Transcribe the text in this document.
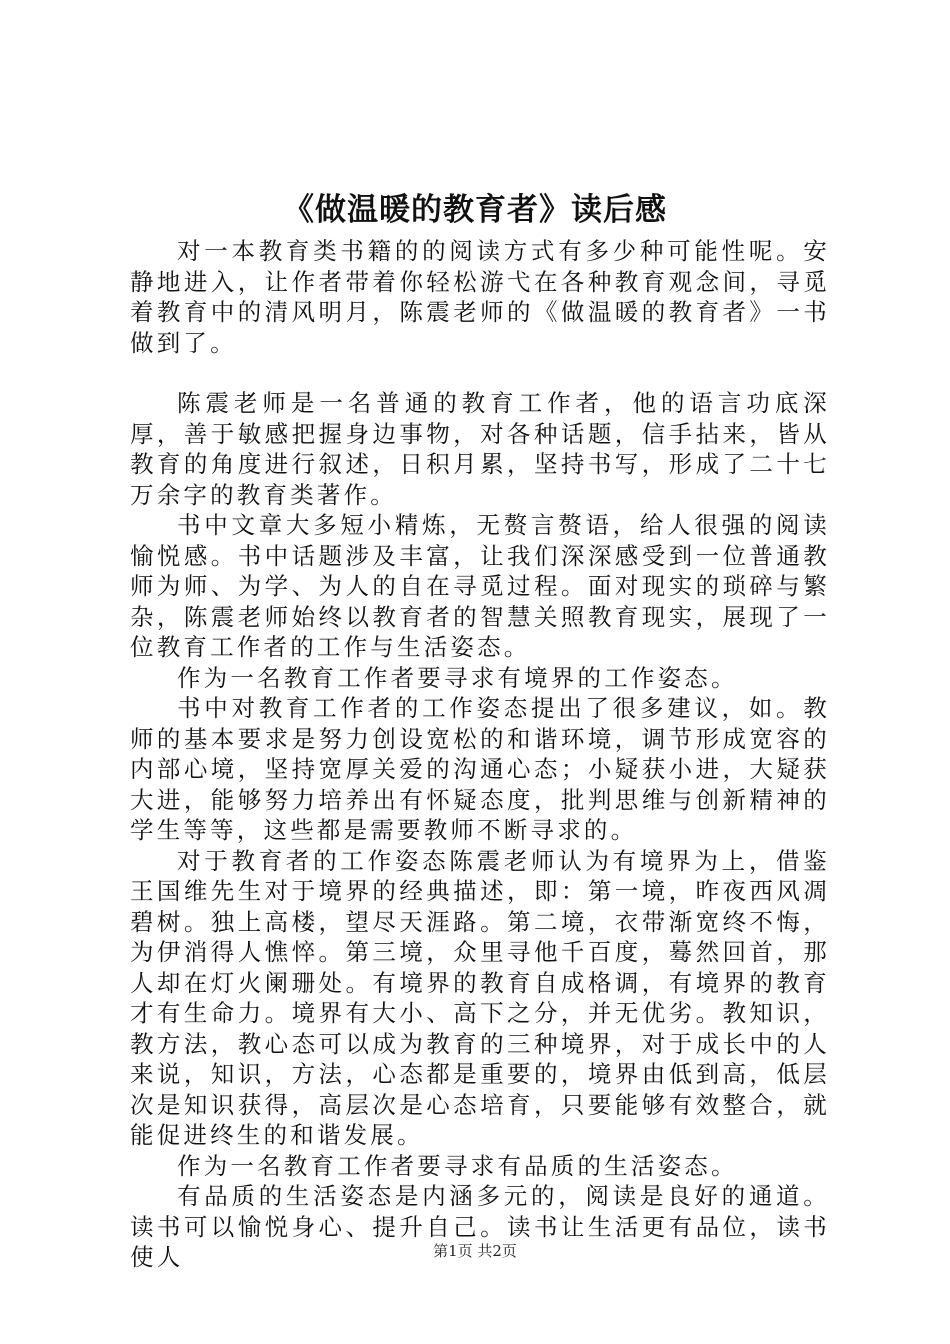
《做温暖的教育者》读后感

对一本教育类书籍的的阅读方式有多少种可能性呢。安静地进入，让作者带着你轻松游弋在各种教育观念间，寻觅着教育中的清风明月，陈震老师的《做温暖的教育者》一书做到了。

陈震老师是一名普通的教育工作者，他的语言功底深厚，善于敏感把握身边事物，对各种话题，信手拈来，皆从教育的角度进行叙述，日积月累，坚持书写，形成了二十七万余字的教育类著作。

书中文章大多短小精炼，无赘言赘语，给人很强的阅读愉悦感。书中话题涉及丰富，让我们深深感受到一位普通教师为师、为学、为人的自在寻觅过程。面对现实的琐碎与繁杂，陈震老师始终以教育者的智慧关照教育现实，展现了一位教育工作者的工作与生活姿态。

作为一名教育工作者要寻求有境界的工作姿态。

书中对教育工作者的工作姿态提出了很多建议，如。教师的基本要求是努力创设宽松的和谐环境，调节形成宽容的内部心境，坚持宽厚关爱的沟通心态；小疑获小进，大疑获大进，能够努力培养出有怀疑态度，批判思维与创新精神的学生等等，这些都是需要教师不断寻求的。

对于教育者的工作姿态陈震老师认为有境界为上，借鉴王国维先生对于境界的经典描述，即：第一境，昨夜西风凋碧树。独上高楼，望尽天涯路。第二境，衣带渐宽终不悔，为伊消得人憔悴。第三境，众里寻他千百度，蓦然回首，那人却在灯火阑珊处。有境界的教育自成格调，有境界的教育才有生命力。境界有大小、高下之分，并无优劣。教知识，教方法，教心态可以成为教育的三种境界，对于成长中的人来说，知识，方法，心态都是重要的，境界由低到高，低层次是知识获得，高层次是心态培育，只要能够有效整合，就能促进终生的和谐发展。

作为一名教育工作者要寻求有品质的生活姿态。

有品质的生活姿态是内涵多元的，阅读是良好的通道。读书可以愉悦身心、提升自己。读书让生活更有品位，读书使人	第1页 共2页
